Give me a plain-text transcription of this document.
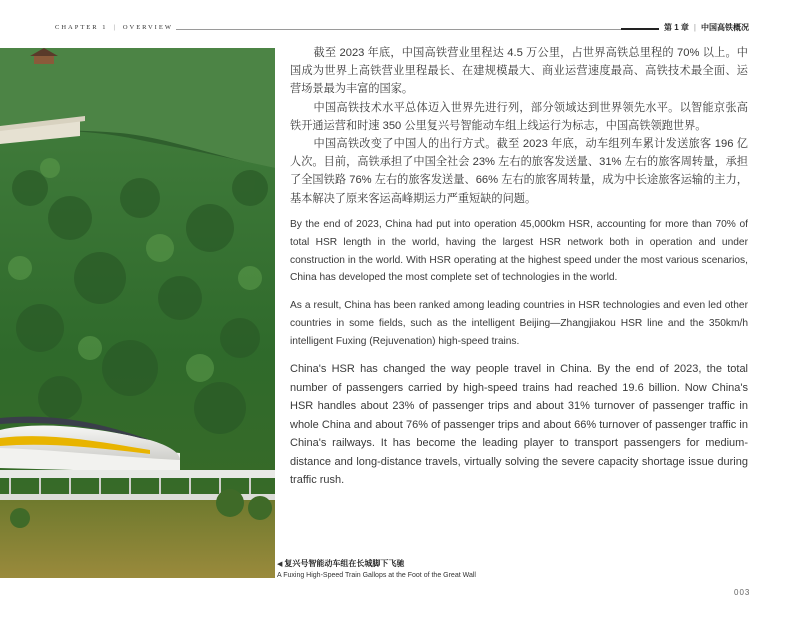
CHAPTER 1 | OVERVIEW	第 1 章 | 中国高铁概况

截至 2023 年底，中国高铁营业里程达 4.5 万公里，占世界高铁总里程的 70% 以上。中国成为世界上高铁营业里程最长、在建规模最大、商业运营速度最高、高铁技术最全面、运营场景最为丰富的国家。

中国高铁技术水平总体迈入世界先进行列，部分领域达到世界领先水平。以智能京张高铁开通运营和时速 350 公里复兴号智能动车组上线运行为标志，中国高铁领跑世界。

中国高铁改变了中国人的出行方式。截至 2023 年底，动车组列车累计发送旅客 196 亿人次。目前，高铁承担了中国全社会 23% 左右的旅客发送量、31% 左右的旅客周转量，承担了全国铁路 76% 左右的旅客发送量、66% 左右的旅客周转量，成为中长途旅客运输的主力，基本解决了原来客运高峰期运力严重短缺的问题。

By the end of 2023, China had put into operation 45,000km HSR, accounting for more than 70% of total HSR length in the world, having the largest HSR network both in operation and under construction in the world. With HSR operating at the highest speed under the most various scenarios, China has developed the most complete set of technologies in the world.

As a result, China has been ranked among leading countries in HSR technologies and even led other countries in some fields, such as the intelligent Beijing—Zhangjiakou HSR line and the 350km/h intelligent Fuxing (Rejuvenation) high-speed trains.

China's HSR has changed the way people travel in China. By the end of 2023, the total number of passengers carried by high-speed trains had reached 19.6 billion. Now China's HSR handles about 23% of passenger trips and about 31% turnover of passenger traffic in whole China and about 76% of passenger trips and about 66% turnover of passenger traffic in China's railways. It has become the leading player to transport passengers for medium-distance and long-distance travels, virtually solving the severe capacity shortage issue during traffic rush.

◀ 复兴号智能动车组在长城脚下飞驰
A Fuxing High-Speed Train Gallops at the Foot of the Great Wall
003
